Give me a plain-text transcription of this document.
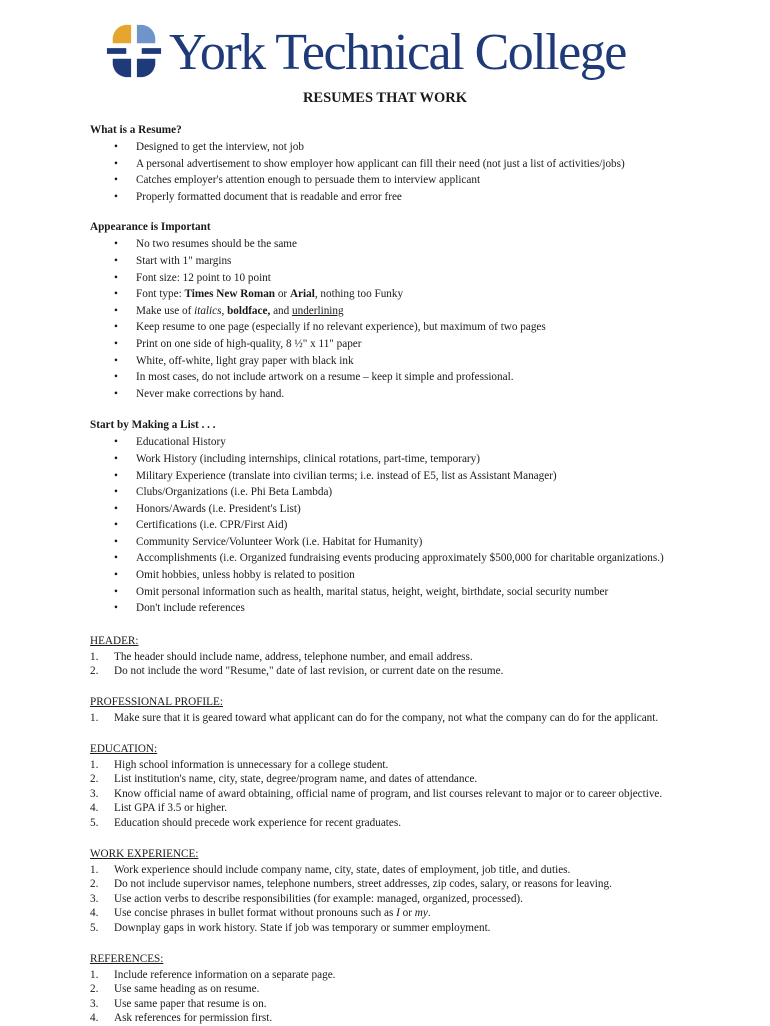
York Technical College
RESUMES THAT WORK
What is a Resume?
• Designed to get the interview, not job
• A personal advertisement to show employer how applicant can fill their need (not just a list of activities/jobs)
• Catches employer's attention enough to persuade them to interview applicant
• Properly formatted document that is readable and error free
Appearance is Important
• No two resumes should be the same
• Start with 1" margins
• Font size: 12 point to 10 point
• Font type: Times New Roman or Arial, nothing too Funky
• Make use of italics, boldface, and underlining
• Keep resume to one page (especially if no relevant experience), but maximum of two pages
• Print on one side of high-quality, 8 ½" x 11" paper
• White, off-white, light gray paper with black ink
• In most cases, do not include artwork on a resume – keep it simple and professional.
• Never make corrections by hand.
Start by Making a List . . .
• Educational History
• Work History (including internships, clinical rotations, part-time, temporary)
• Military Experience (translate into civilian terms; i.e. instead of E5, list as Assistant Manager)
• Clubs/Organizations (i.e. Phi Beta Lambda)
• Honors/Awards (i.e. President's List)
• Certifications (i.e. CPR/First Aid)
• Community Service/Volunteer Work (i.e. Habitat for Humanity)
• Accomplishments (i.e. Organized fundraising events producing approximately $500,000 for charitable organizations.)
• Omit hobbies, unless hobby is related to position
• Omit personal information such as health, marital status, height, weight, birthdate, social security number
• Don't include references
HEADER:
1. The header should include name, address, telephone number, and email address.
2. Do not include the word "Resume," date of last revision, or current date on the resume.
PROFESSIONAL PROFILE:
1. Make sure that it is geared toward what applicant can do for the company, not what the company can do for the applicant.
EDUCATION:
1. High school information is unnecessary for a college student.
2. List institution's name, city, state, degree/program name, and dates of attendance.
3. Know official name of award obtaining, official name of program, and list courses relevant to major or to career objective.
4. List GPA if 3.5 or higher.
5. Education should precede work experience for recent graduates.
WORK EXPERIENCE:
1. Work experience should include company name, city, state, dates of employment, job title, and duties.
2. Do not include supervisor names, telephone numbers, street addresses, zip codes, salary, or reasons for leaving.
3. Use action verbs to describe responsibilities (for example: managed, organized, processed).
4. Use concise phrases in bullet format without pronouns such as I or my.
5. Downplay gaps in work history. State if job was temporary or summer employment.
REFERENCES:
1. Include reference information on a separate page.
2. Use same heading as on resume.
3. Use same paper that resume is on.
4. Ask references for permission first.
